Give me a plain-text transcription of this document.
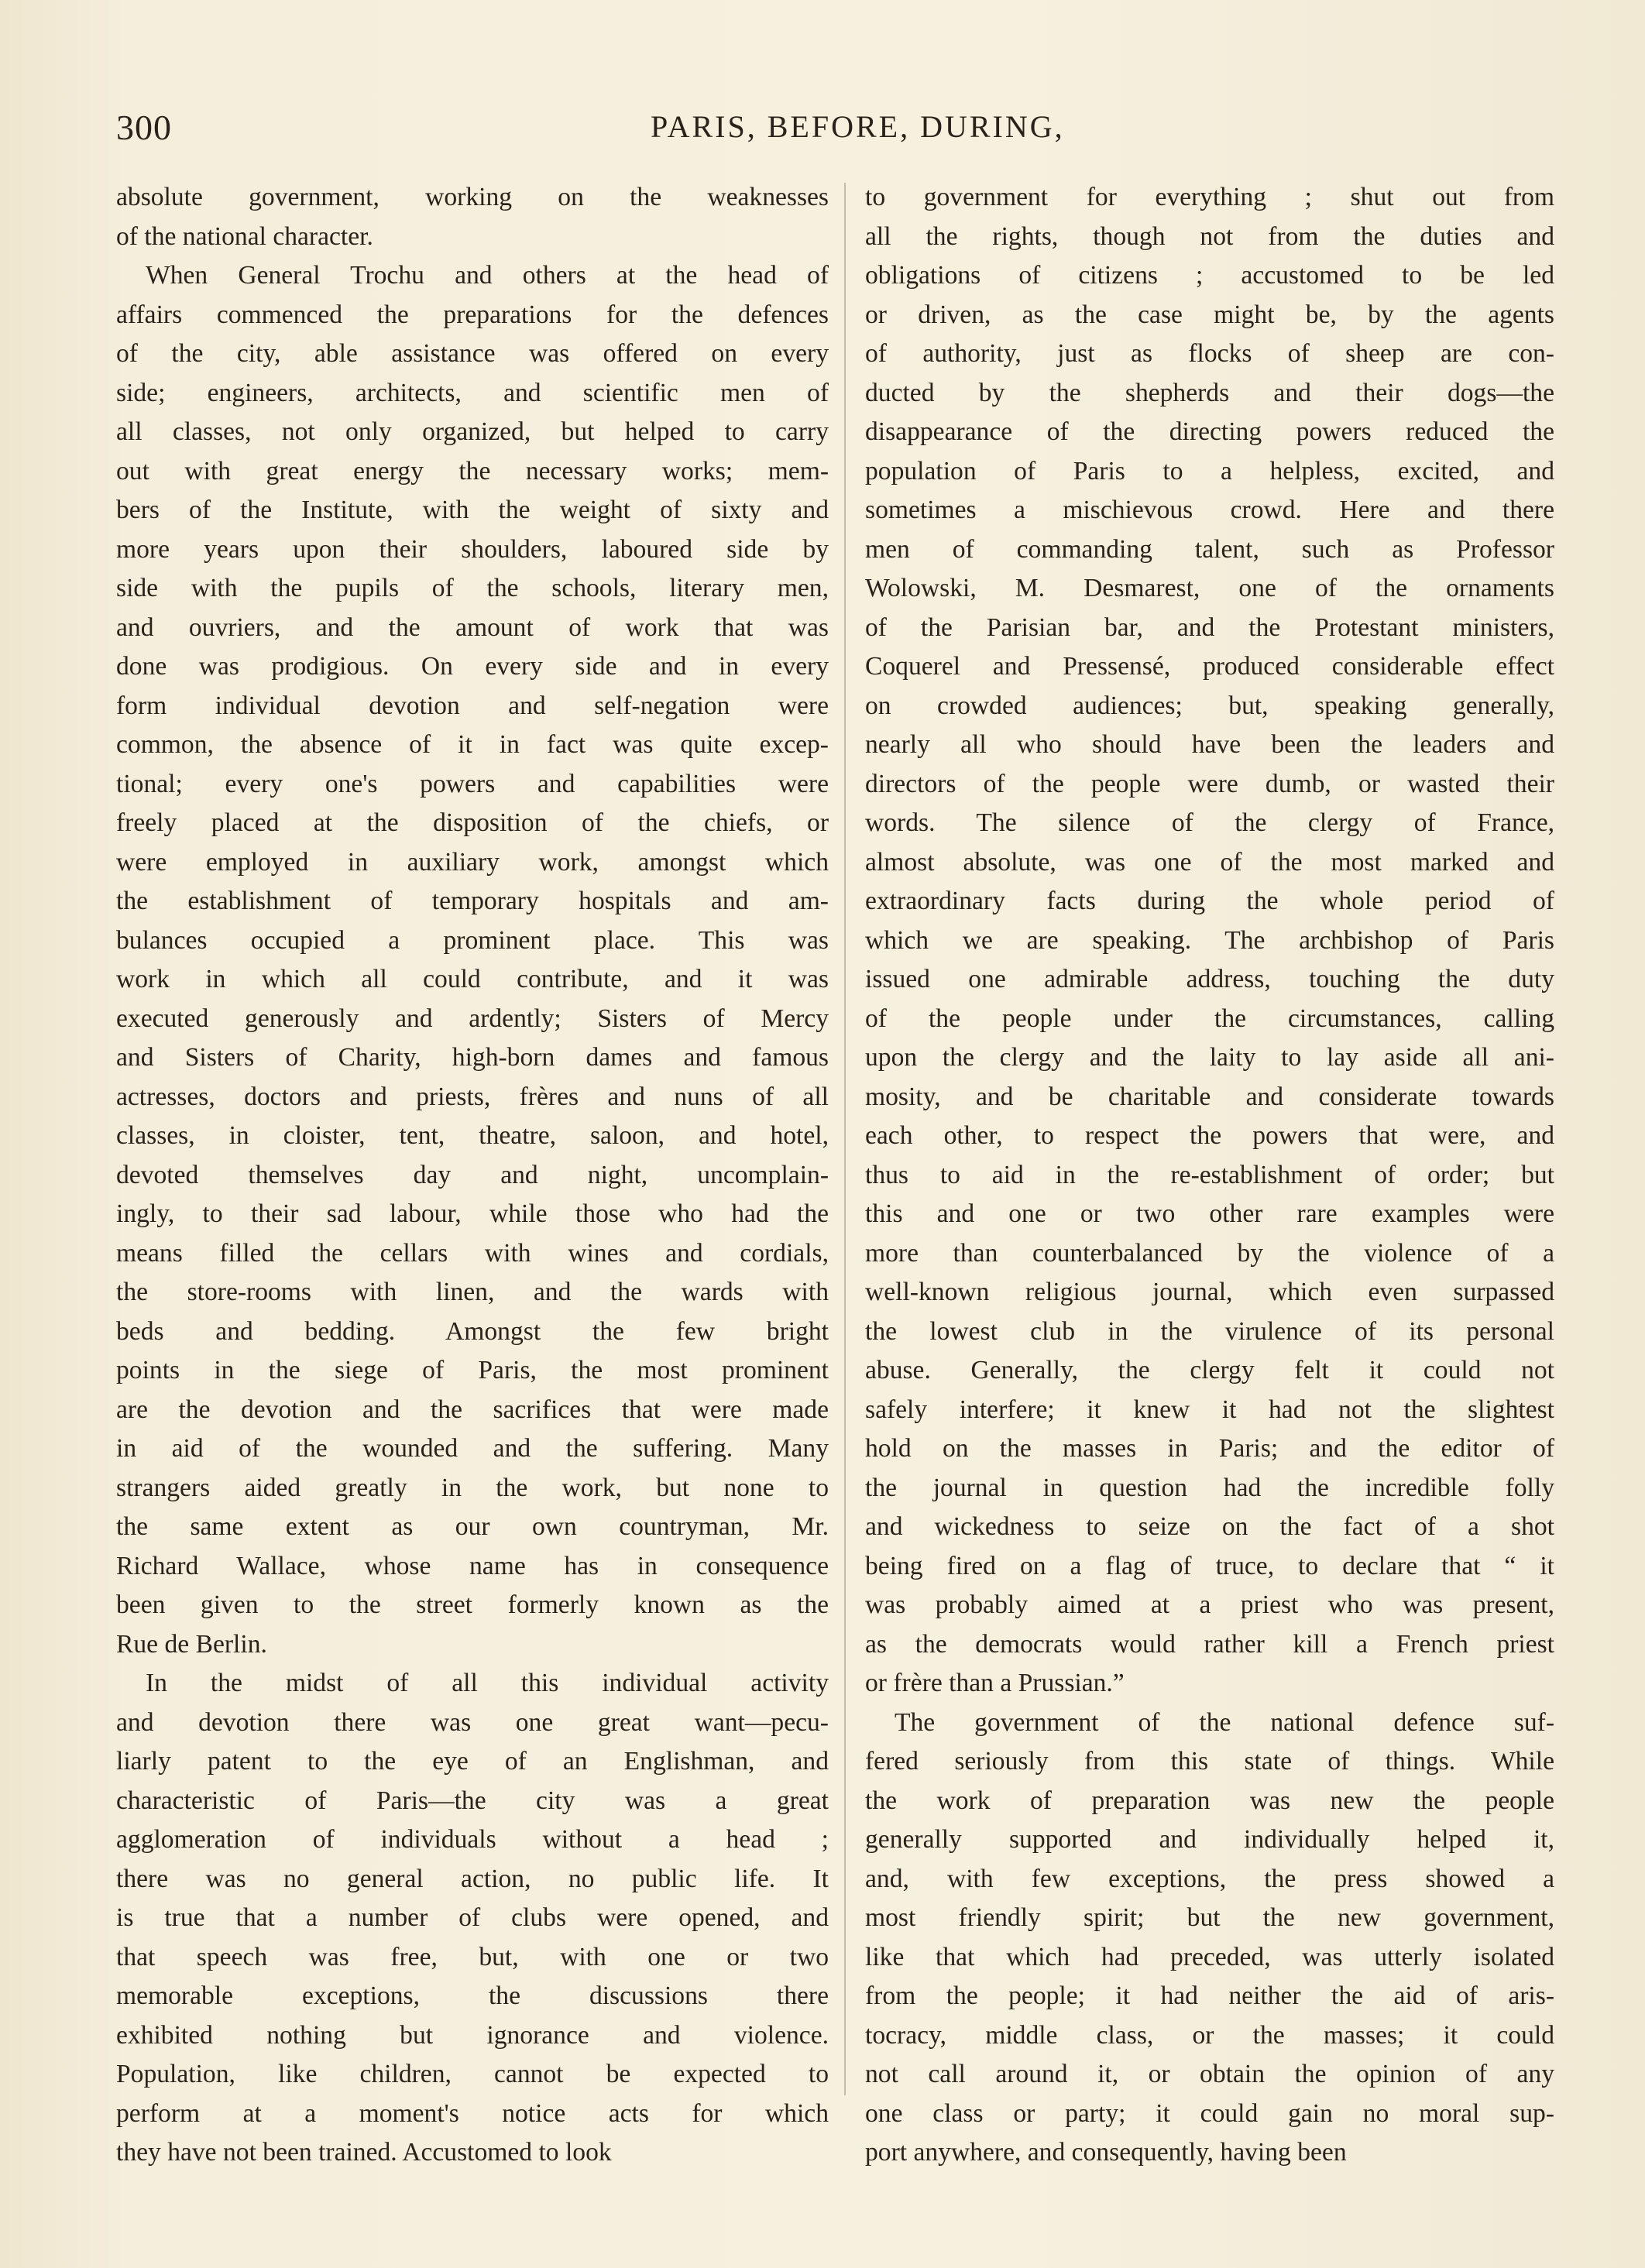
300	PARIS, BEFORE, DURING,
absolute government, working on the weaknesses
of the national character.
When General Trochu and others at the head of
affairs commenced the preparations for the defences
of the city, able assistance was offered on every
side; engineers, architects, and scientific men of
all classes, not only organized, but helped to carry
out with great energy the necessary works; mem-
bers of the Institute, with the weight of sixty and
more years upon their shoulders, laboured side by
side with the pupils of the schools, literary men,
and ouvriers, and the amount of work that was
done was prodigious. On every side and in every
form individual devotion and self-negation were
common, the absence of it in fact was quite excep-
tional; every one's powers and capabilities were
freely placed at the disposition of the chiefs, or
were employed in auxiliary work, amongst which
the establishment of temporary hospitals and am-
bulances occupied a prominent place. This was
work in which all could contribute, and it was
executed generously and ardently; Sisters of Mercy
and Sisters of Charity, high-born dames and famous
actresses, doctors and priests, frères and nuns of all
classes, in cloister, tent, theatre, saloon, and hotel,
devoted themselves day and night, uncomplain-
ingly, to their sad labour, while those who had the
means filled the cellars with wines and cordials,
the store-rooms with linen, and the wards with
beds and bedding. Amongst the few bright
points in the siege of Paris, the most prominent
are the devotion and the sacrifices that were made
in aid of the wounded and the suffering. Many
strangers aided greatly in the work, but none to
the same extent as our own countryman, Mr.
Richard Wallace, whose name has in consequence
been given to the street formerly known as the
Rue de Berlin.
In the midst of all this individual activity
and devotion there was one great want—pecu-
liarly patent to the eye of an Englishman, and
characteristic of Paris—the city was a great
agglomeration of individuals without a head ;
there was no general action, no public life. It
is true that a number of clubs were opened, and
that speech was free, but, with one or two
memorable exceptions, the discussions there
exhibited nothing but ignorance and violence.
Population, like children, cannot be expected to
perform at a moment's notice acts for which
they have not been trained. Accustomed to look
to government for everything ; shut out from
all the rights, though not from the duties and
obligations of citizens ; accustomed to be led
or driven, as the case might be, by the agents
of authority, just as flocks of sheep are con-
ducted by the shepherds and their dogs—the
disappearance of the directing powers reduced the
population of Paris to a helpless, excited, and
sometimes a mischievous crowd. Here and there
men of commanding talent, such as Professor
Wolowski, M. Desmarest, one of the ornaments
of the Parisian bar, and the Protestant ministers,
Coquerel and Pressensé, produced considerable effect
on crowded audiences; but, speaking generally,
nearly all who should have been the leaders and
directors of the people were dumb, or wasted their
words. The silence of the clergy of France,
almost absolute, was one of the most marked and
extraordinary facts during the whole period of
which we are speaking. The archbishop of Paris
issued one admirable address, touching the duty
of the people under the circumstances, calling
upon the clergy and the laity to lay aside all ani-
mosity, and be charitable and considerate towards
each other, to respect the powers that were, and
thus to aid in the re-establishment of order; but
this and one or two other rare examples were
more than counterbalanced by the violence of a
well-known religious journal, which even surpassed
the lowest club in the virulence of its personal
abuse. Generally, the clergy felt it could not
safely interfere; it knew it had not the slightest
hold on the masses in Paris; and the editor of
the journal in question had the incredible folly
and wickedness to seize on the fact of a shot
being fired on a flag of truce, to declare that “ it
was probably aimed at a priest who was present,
as the democrats would rather kill a French priest
or frère than a Prussian.”
The government of the national defence suf-
fered seriously from this state of things. While
the work of preparation was new the people
generally supported and individually helped it,
and, with few exceptions, the press showed a
most friendly spirit; but the new government,
like that which had preceded, was utterly isolated
from the people; it had neither the aid of aris-
tocracy, middle class, or the masses; it could
not call around it, or obtain the opinion of any
one class or party; it could gain no moral sup-
port anywhere, and consequently, having been
